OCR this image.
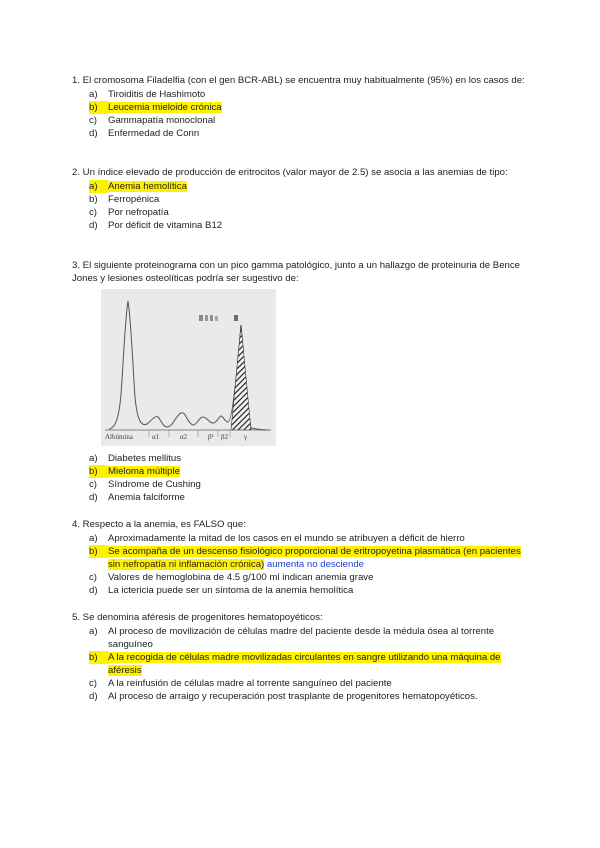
1. El cromosoma Filadelfia (con el gen BCR-ABL) se encuentra muy habitualmente (95%) en los casos de:
a)	Tiroiditis de Hashimoto
b)	Leucemia mieloide crónica
c)	Gammapatía monoclonal
d)	Enfermedad de Conn
2. Un índice elevado de producción de eritrocitos (valor mayor de 2.5) se asocia a las anemias de tipo:
a)	Anemia hemolítica
b)	Ferropénica
c)	Por nefropatía
d)	Por déficit de vitamina B12
3. El siguiente proteinograma con un pico gamma patológico, junto a un hallazgo de proteinuria de Bence Jones y lesiones osteolíticas podría ser sugestivo de:
Albúmina	α1	α2	β¹ β2 γ
a)	Diabetes mellitus
b)	Mieloma múltiple
c)	Síndrome de Cushing
d)	Anemia falciforme
4. Respecto a la anemia, es FALSO que:
a)	Aproximadamente la mitad de los casos en el mundo se atribuyen a déficit de hierro
b)	Se acompaña de un descenso fisiológico proporcional de eritropoyetina plasmática (en pacientes sin nefropatía ni inflamación crónica) aumenta no desciende
c)	Valores de hemoglobina de 4.5 g/100 ml indican anemia grave
d)	La ictericia puede ser un síntoma de la anemia hemolítica
5. Se denomina aféresis de progenitores hematopoyéticos:
a)	Al proceso de movilización de células madre del paciente desde la médula ósea al torrente sanguíneo
b)	A la recogida de células madre movilizadas circulantes en sangre utilizando una máquina de aféresis
c)	A la reinfusión de células madre al torrente sanguíneo del paciente
d)	Al proceso de arraigo y recuperación post trasplante de progenitores hematopoyéticos.
